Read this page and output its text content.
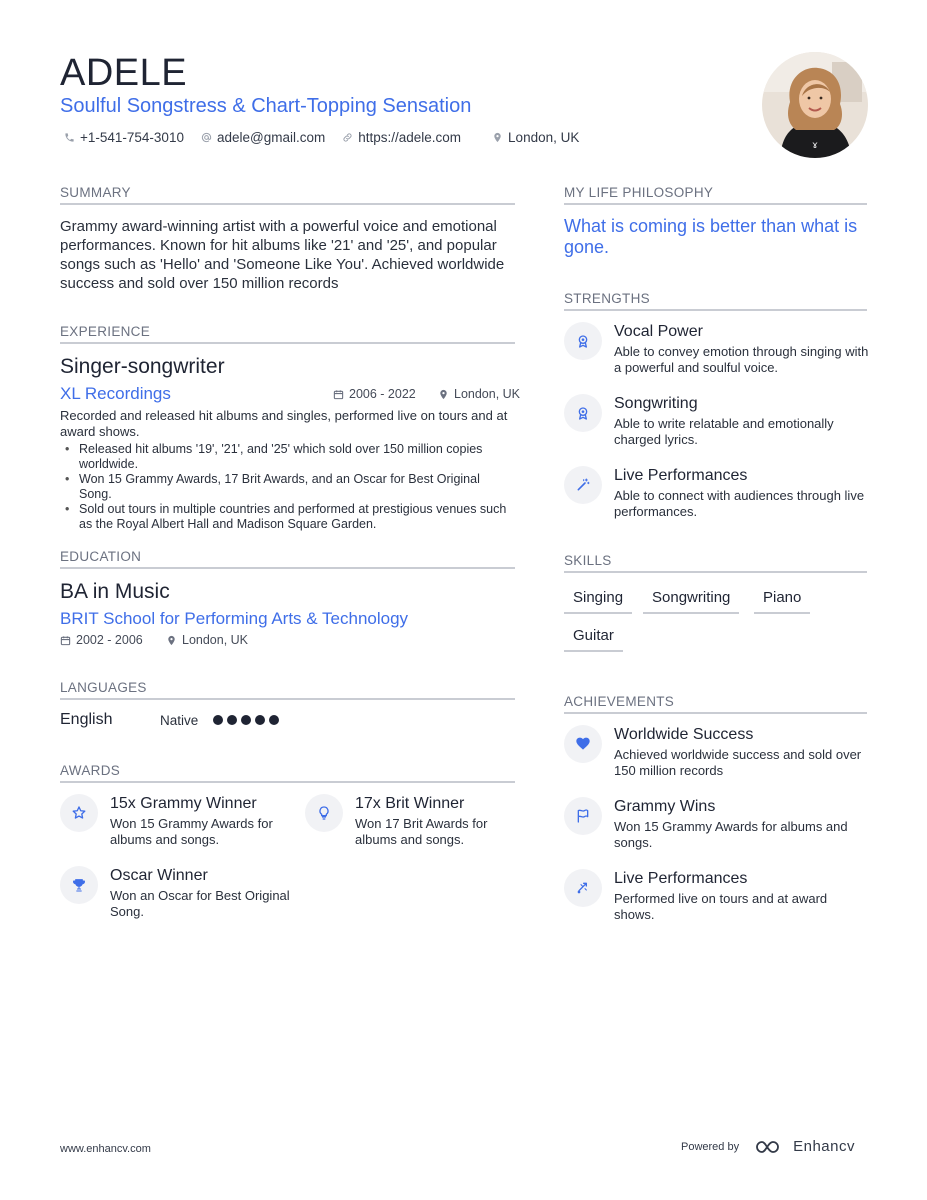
ADELE
Soulful Songstress & Chart-Topping Sensation
+1-541-754-3010 adele@gmail.com https://adele.com	London, UK
ɤ
SUMMARY
Grammy award-winning artist with a powerful voice and emotional performances. Known for hit albums like '21' and '25', and popular songs such as 'Hello' and 'Someone Like You'. Achieved worldwide success and sold over 150 million records
EXPERIENCE
Singer-songwriter
XL Recordings	2006 - 2022	London, UK
Recorded and released hit albums and singles, performed live on tours and at award shows.
• Released hit albums '19', '21', and '25' which sold over 150 million copies worldwide.
• Won 15 Grammy Awards, 17 Brit Awards, and an Oscar for Best Original Song.
• Sold out tours in multiple countries and performed at prestigious venues such as the Royal Albert Hall and Madison Square Garden.
EDUCATION
BA in Music
BRIT School for Performing Arts & Technology
2002 - 2006	London, UK
LANGUAGES
English	Native
AWARDS
15x Grammy Winner
Won 15 Grammy Awards for albums and songs.
17x Brit Winner
Won 17 Brit Awards for albums and songs.
Oscar Winner
Won an Oscar for Best Original Song.
MY LIFE PHILOSOPHY
What is coming is better than what is gone.
STRENGTHS
Vocal Power
Able to convey emotion through singing with a powerful and soulful voice.
Songwriting
Able to write relatable and emotionally charged lyrics.
Live Performances
Able to connect with audiences through live performances.
SKILLS
Singing	Songwriting	Piano
Guitar
ACHIEVEMENTS
Worldwide Success
Achieved worldwide success and sold over 150 million records
Grammy Wins
Won 15 Grammy Awards for albums and songs.
Live Performances
Performed live on tours and at award shows.
www.enhancv.com	Powered by	Enhancv
